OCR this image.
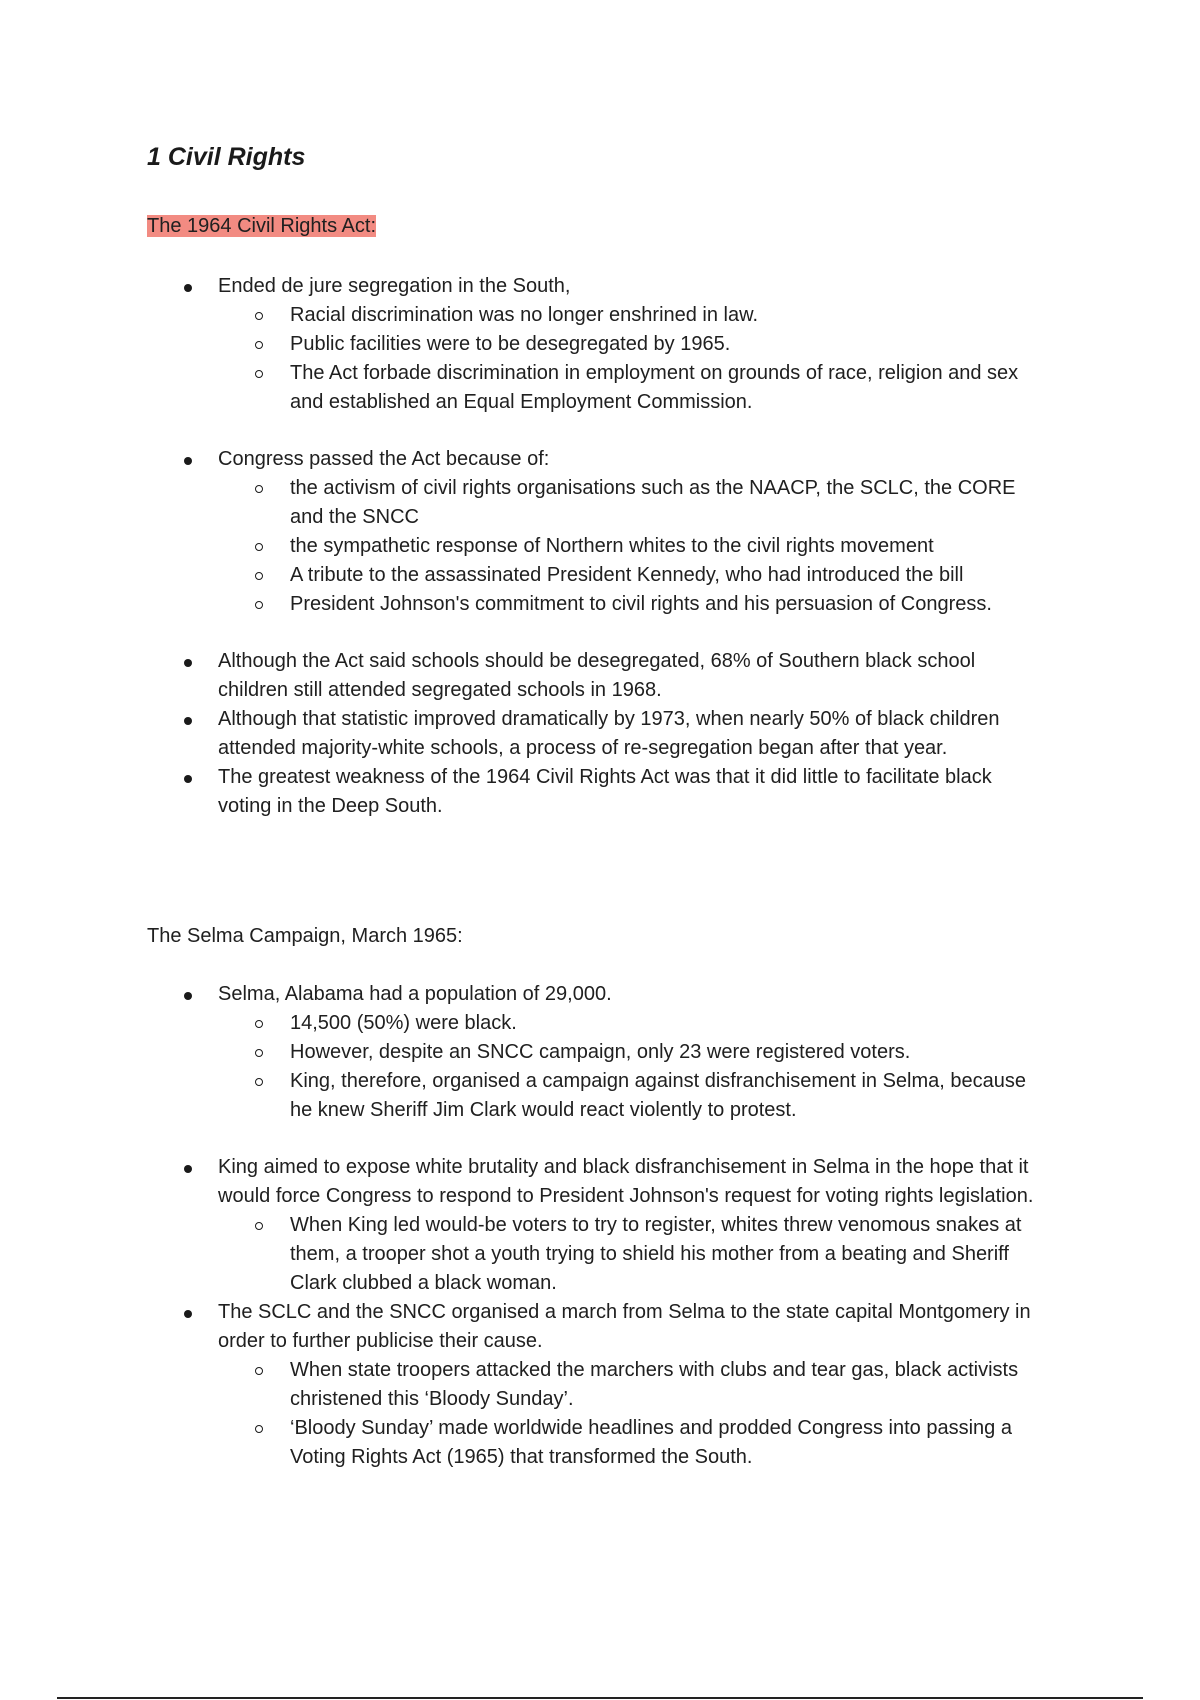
1 Civil Rights
The 1964 Civil Rights Act:
Ended de jure segregation in the South,
Racial discrimination was no longer enshrined in law.
Public facilities were to be desegregated by 1965.
The Act forbade discrimination in employment on grounds of race, religion and sex and established an Equal Employment Commission.
Congress passed the Act because of:
the activism of civil rights organisations such as the NAACP, the SCLC, the CORE and the SNCC
the sympathetic response of Northern whites to the civil rights movement
A tribute to the assassinated President Kennedy, who had introduced the bill
President Johnson's commitment to civil rights and his persuasion of Congress.
Although the Act said schools should be desegregated, 68% of Southern black school children still attended segregated schools in 1968.
Although that statistic improved dramatically by 1973, when nearly 50% of black children attended majority-white schools, a process of re-segregation began after that year.
The greatest weakness of the 1964 Civil Rights Act was that it did little to facilitate black voting in the Deep South.
The Selma Campaign, March 1965:
Selma, Alabama had a population of 29,000.
14,500 (50%) were black.
However, despite an SNCC campaign, only 23 were registered voters.
King, therefore, organised a campaign against disfranchisement in Selma, because he knew Sheriff Jim Clark would react violently to protest.
King aimed to expose white brutality and black disfranchisement in Selma in the hope that it would force Congress to respond to President Johnson's request for voting rights legislation.
When King led would-be voters to try to register, whites threw venomous snakes at them, a trooper shot a youth trying to shield his mother from a beating and Sheriff Clark clubbed a black woman.
The SCLC and the SNCC organised a march from Selma to the state capital Montgomery in order to further publicise their cause.
When state troopers attacked the marchers with clubs and tear gas, black activists christened this ‘Bloody Sunday’.
‘Bloody Sunday’ made worldwide headlines and prodded Congress into passing a Voting Rights Act (1965) that transformed the South.
